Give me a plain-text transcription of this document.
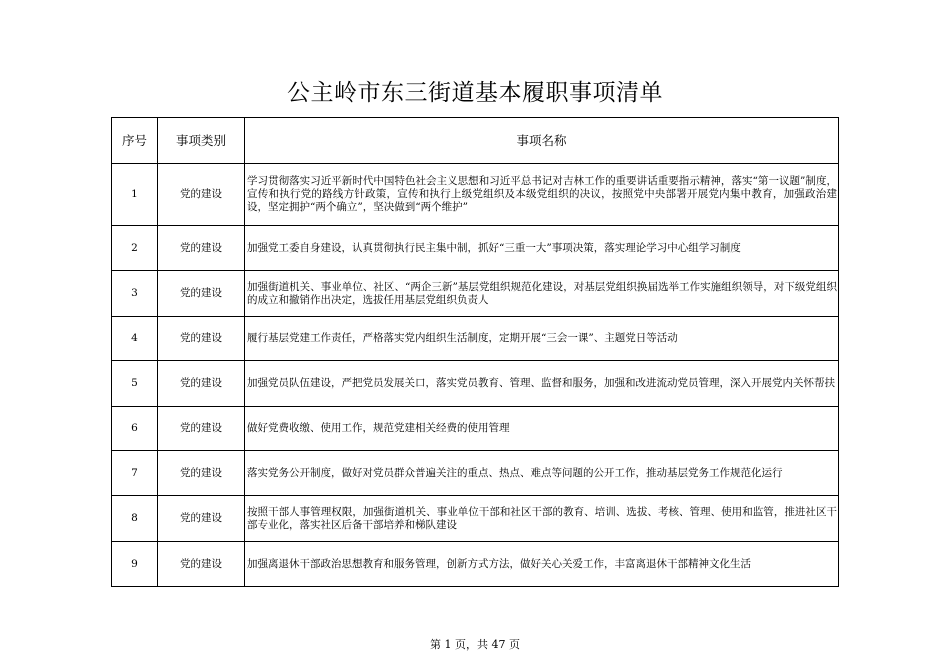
公主岭市东三街道基本履职事项清单
序号	事项类别	事项名称
1	党的建设	学习贯彻落实习近平新时代中国特色社会主义思想和习近平总书记对吉林工作的重要讲话重要指示精神，落实“第一议题”制度，宣传和执行党的路线方针政策，宣传和执行上级党组织及本级党组织的决议，按照党中央部署开展党内集中教育，加强政治建设，坚定拥护“两个确立”，坚决做到“两个维护”
2	党的建设	加强党工委自身建设，认真贯彻执行民主集中制，抓好“三重一大”事项决策，落实理论学习中心组学习制度
3	党的建设	加强街道机关、事业单位、社区、“两企三新”基层党组织规范化建设，对基层党组织换届选举工作实施组织领导，对下级党组织的成立和撤销作出决定，选拔任用基层党组织负责人
4	党的建设	履行基层党建工作责任，严格落实党内组织生活制度，定期开展“三会一课”、主题党日等活动
5	党的建设	加强党员队伍建设，严把党员发展关口，落实党员教育、管理、监督和服务，加强和改进流动党员管理，深入开展党内关怀帮扶
6	党的建设	做好党费收缴、使用工作，规范党建相关经费的使用管理
7	党的建设	落实党务公开制度，做好对党员群众普遍关注的重点、热点、难点等问题的公开工作，推动基层党务工作规范化运行
8	党的建设	按照干部人事管理权限，加强街道机关、事业单位干部和社区干部的教育、培训、选拔、考核、管理、使用和监管，推进社区干部专业化，落实社区后备干部培养和梯队建设
9	党的建设	加强离退休干部政治思想教育和服务管理，创新方式方法，做好关心关爱工作，丰富离退休干部精神文化生活
第 1 页，共 47 页
